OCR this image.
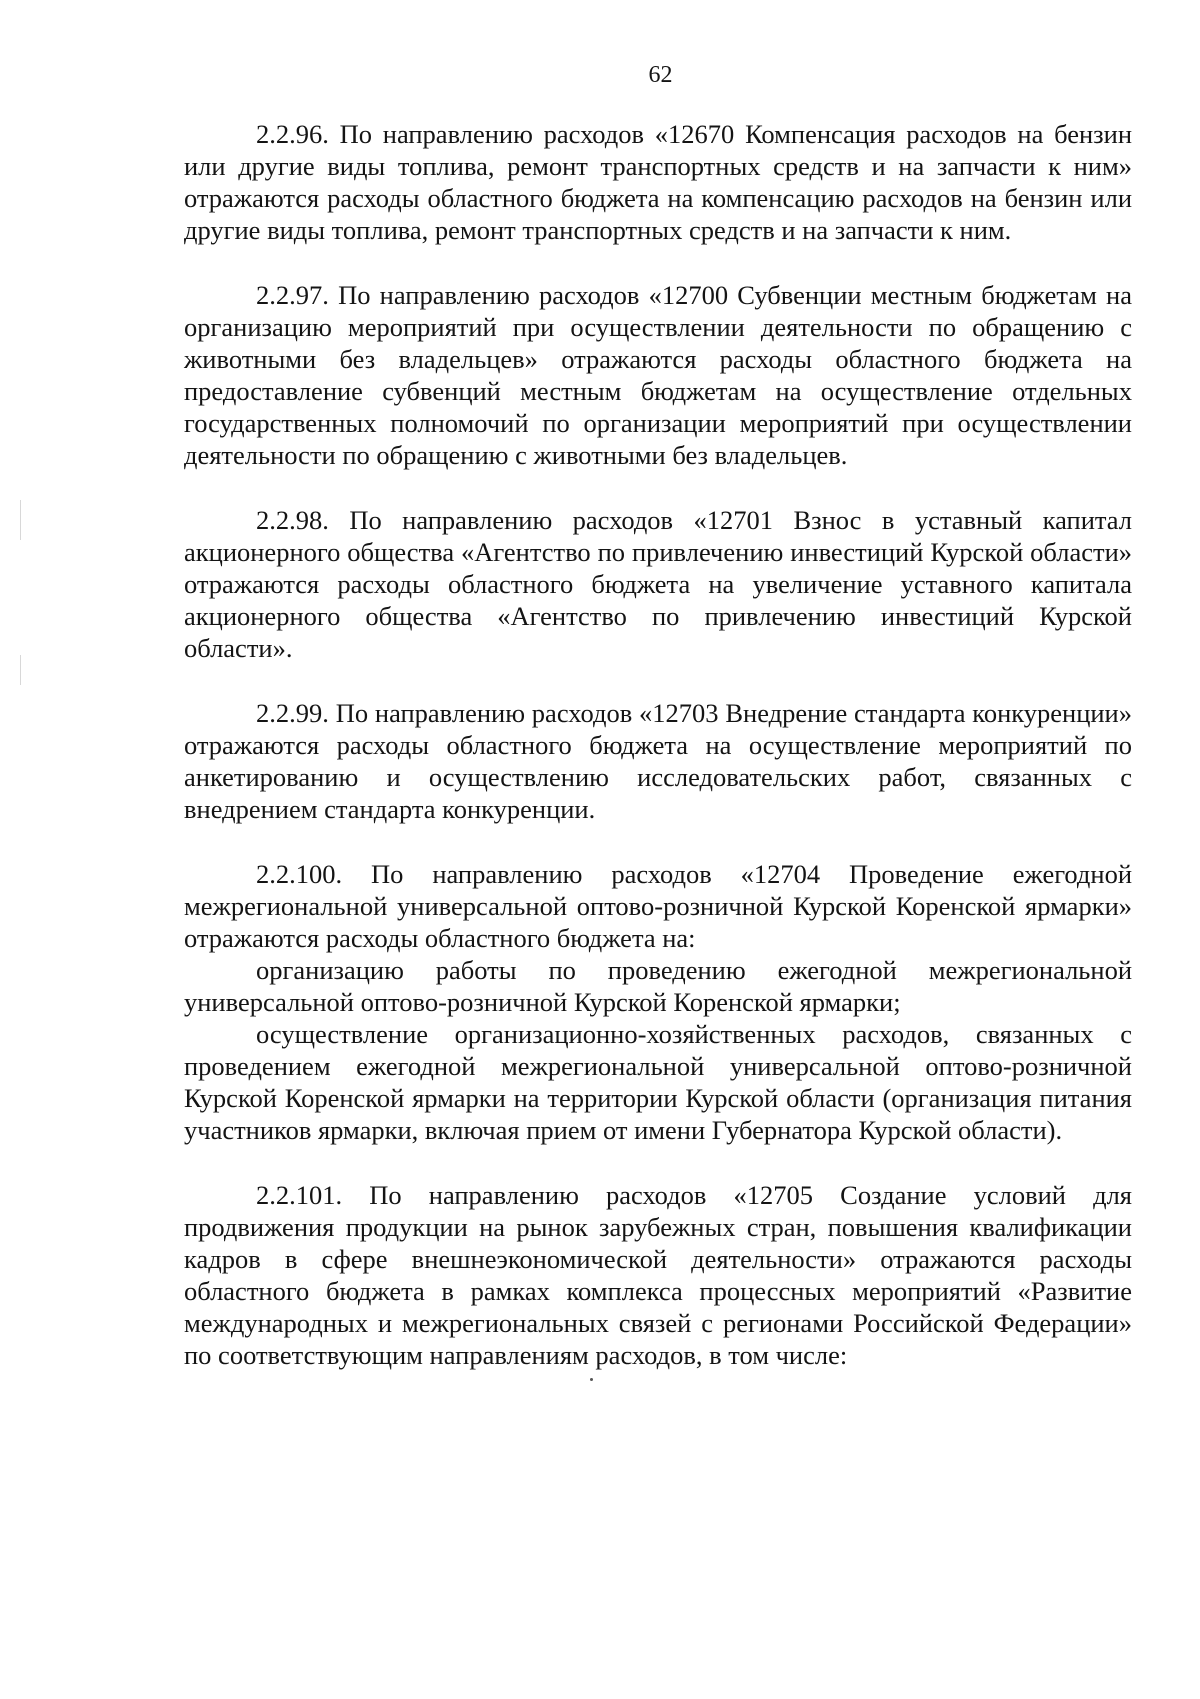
62

2.2.96. По направлению расходов «12670 Компенсация расходов на бензин или другие виды топлива, ремонт транспортных средств и на запчасти к ним» отражаются расходы областного бюджета на компенсацию расходов на бензин или другие виды топлива, ремонт транспортных средств и на запчасти к ним.

2.2.97. По направлению расходов «12700 Субвенции местным бюджетам на организацию мероприятий при осуществлении деятельности по обращению с животными без владельцев» отражаются расходы областного бюджета на предоставление субвенций местным бюджетам на осуществление отдельных государственных полномочий по организации мероприятий при осуществлении деятельности по обращению с животными без владельцев.

2.2.98. По направлению расходов «12701 Взнос в уставный капитал акционерного общества «Агентство по привлечению инвестиций Курской области» отражаются расходы областного бюджета на увеличение уставного капитала акционерного общества «Агентство по привлечению инвестиций Курской области».

2.2.99. По направлению расходов «12703 Внедрение стандарта конкуренции» отражаются расходы областного бюджета на осуществление мероприятий по анкетированию и осуществлению исследовательских работ, связанных с внедрением стандарта конкуренции.

2.2.100. По направлению расходов «12704 Проведение ежегодной межрегиональной универсальной оптово-розничной Курской Коренской ярмарки» отражаются расходы областного бюджета на:

организацию работы по проведению ежегодной межрегиональной универсальной оптово-розничной Курской Коренской ярмарки;

осуществление организационно-хозяйственных расходов, связанных с проведением ежегодной межрегиональной универсальной оптово-розничной Курской Коренской ярмарки на территории Курской области (организация питания участников ярмарки, включая прием от имени Губернатора Курской области).

2.2.101. По направлению расходов «12705 Создание условий для продвижения продукции на рынок зарубежных стран, повышения квалификации кадров в сфере внешнеэкономической деятельности» отражаются расходы областного бюджета в рамках комплекса процессных мероприятий «Развитие международных и межрегиональных связей с регионами Российской Федерации» по соответствующим направлениям расходов, в том числе:
